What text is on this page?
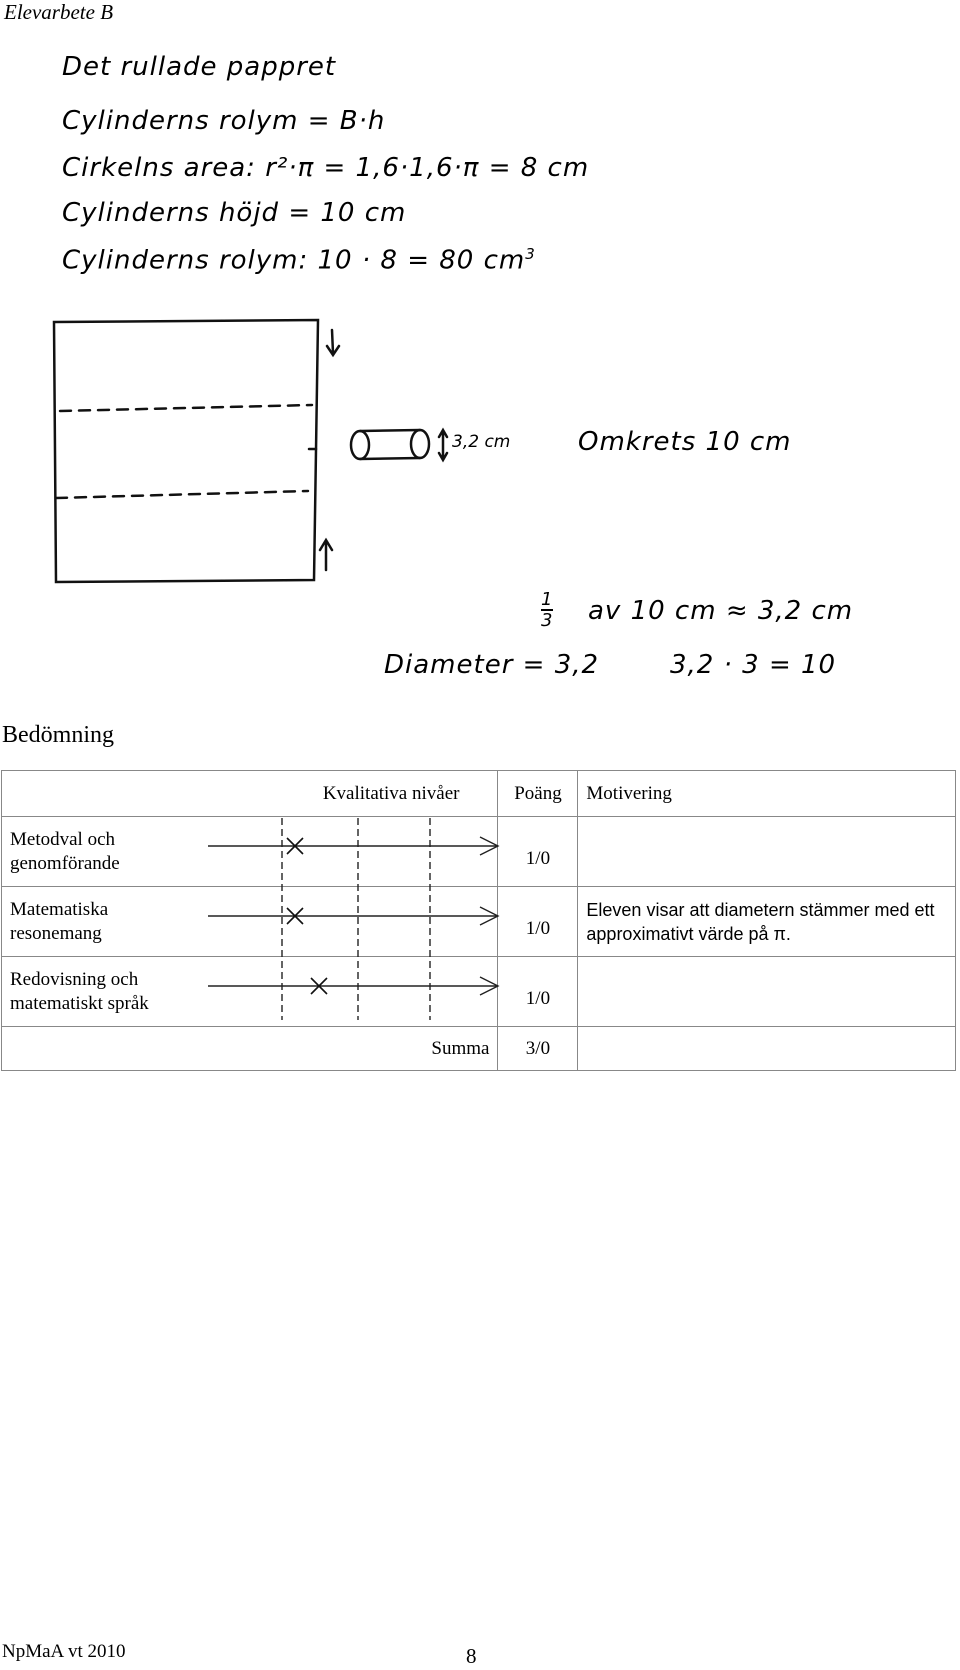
Elevarbete B
Det rullade pappret
Cylinderns rolym = B·h
Cirkelns area: r²·π = 1,6·1,6·π = 8 cm
Cylinderns höjd = 10 cm
Cylinderns rolym: 10 · 8 = 80 $cm^3$
3,2 cm	Omkrets 10 cm
1
3 av 10 cm ≈ 3,2 cm
Diameter = 3,2	3,2 · 3 = 10
Bedömning
Kvalitativa nivåer	Poäng	Motivering

Metodval och genomförande	1/0	

Matematiska resonemang	1/0	Eleven visar att diametern stämmer med ett approximativt värde på π.

Redovisning och matematiskt språk	1/0	
Summa	3/0	
NpMaA vt 2010	8
